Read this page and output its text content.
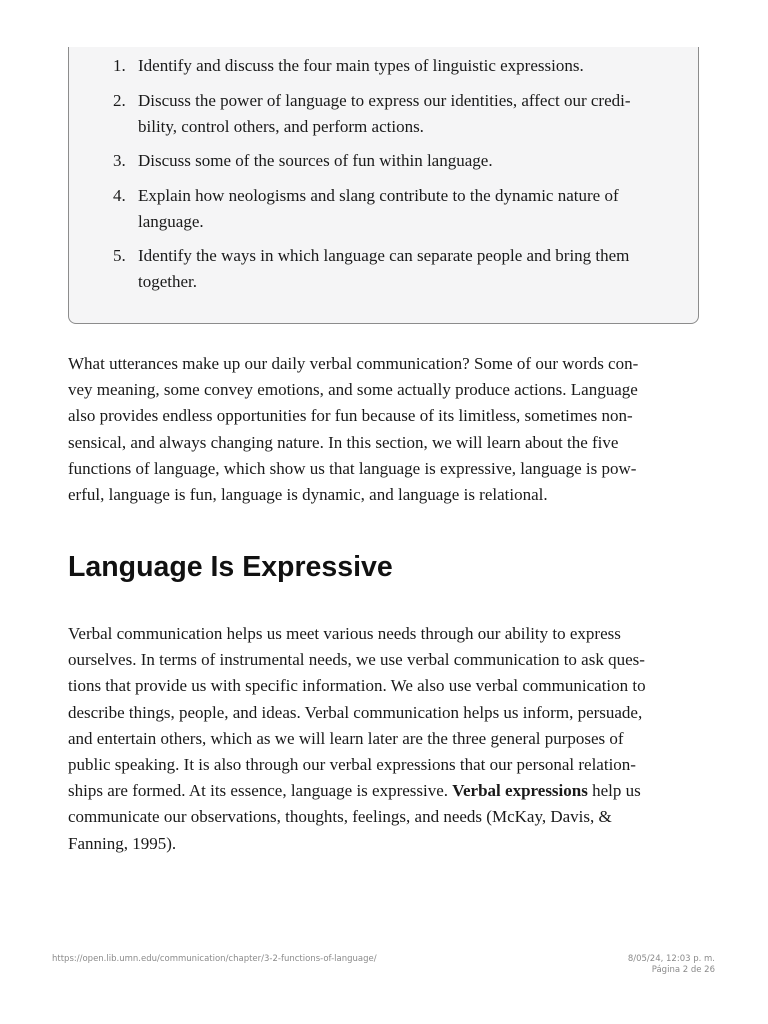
1. Identify and discuss the four main types of linguistic expressions.
2. Discuss the power of language to express our identities, affect our credi-
bility, control others, and perform actions.
3. Discuss some of the sources of fun within language.
4. Explain how neologisms and slang contribute to the dynamic nature of
language.
5. Identify the ways in which language can separate people and bring them
together.

What utterances make up our daily verbal communication? Some of our words con-
vey meaning, some convey emotions, and some actually produce actions. Language
also provides endless opportunities for fun because of its limitless, sometimes non-
sensical, and always changing nature. In this section, we will learn about the five
functions of language, which show us that language is expressive, language is pow-
erful, language is fun, language is dynamic, and language is relational.

Language Is Expressive

Verbal communication helps us meet various needs through our ability to express
ourselves. In terms of instrumental needs, we use verbal communication to ask ques-
tions that provide us with specific information. We also use verbal communication to
describe things, people, and ideas. Verbal communication helps us inform, persuade,
and entertain others, which as we will learn later are the three general purposes of
public speaking. It is also through our verbal expressions that our personal relation-
ships are formed. At its essence, language is expressive. Verbal expressions help us
communicate our observations, thoughts, feelings, and needs (McKay, Davis, &
Fanning, 1995).

https://open.lib.umn.edu/communication/chapter/3-2-functions-of-language/	8/05/24, 12:03 p. m.
Página 2 de 26
